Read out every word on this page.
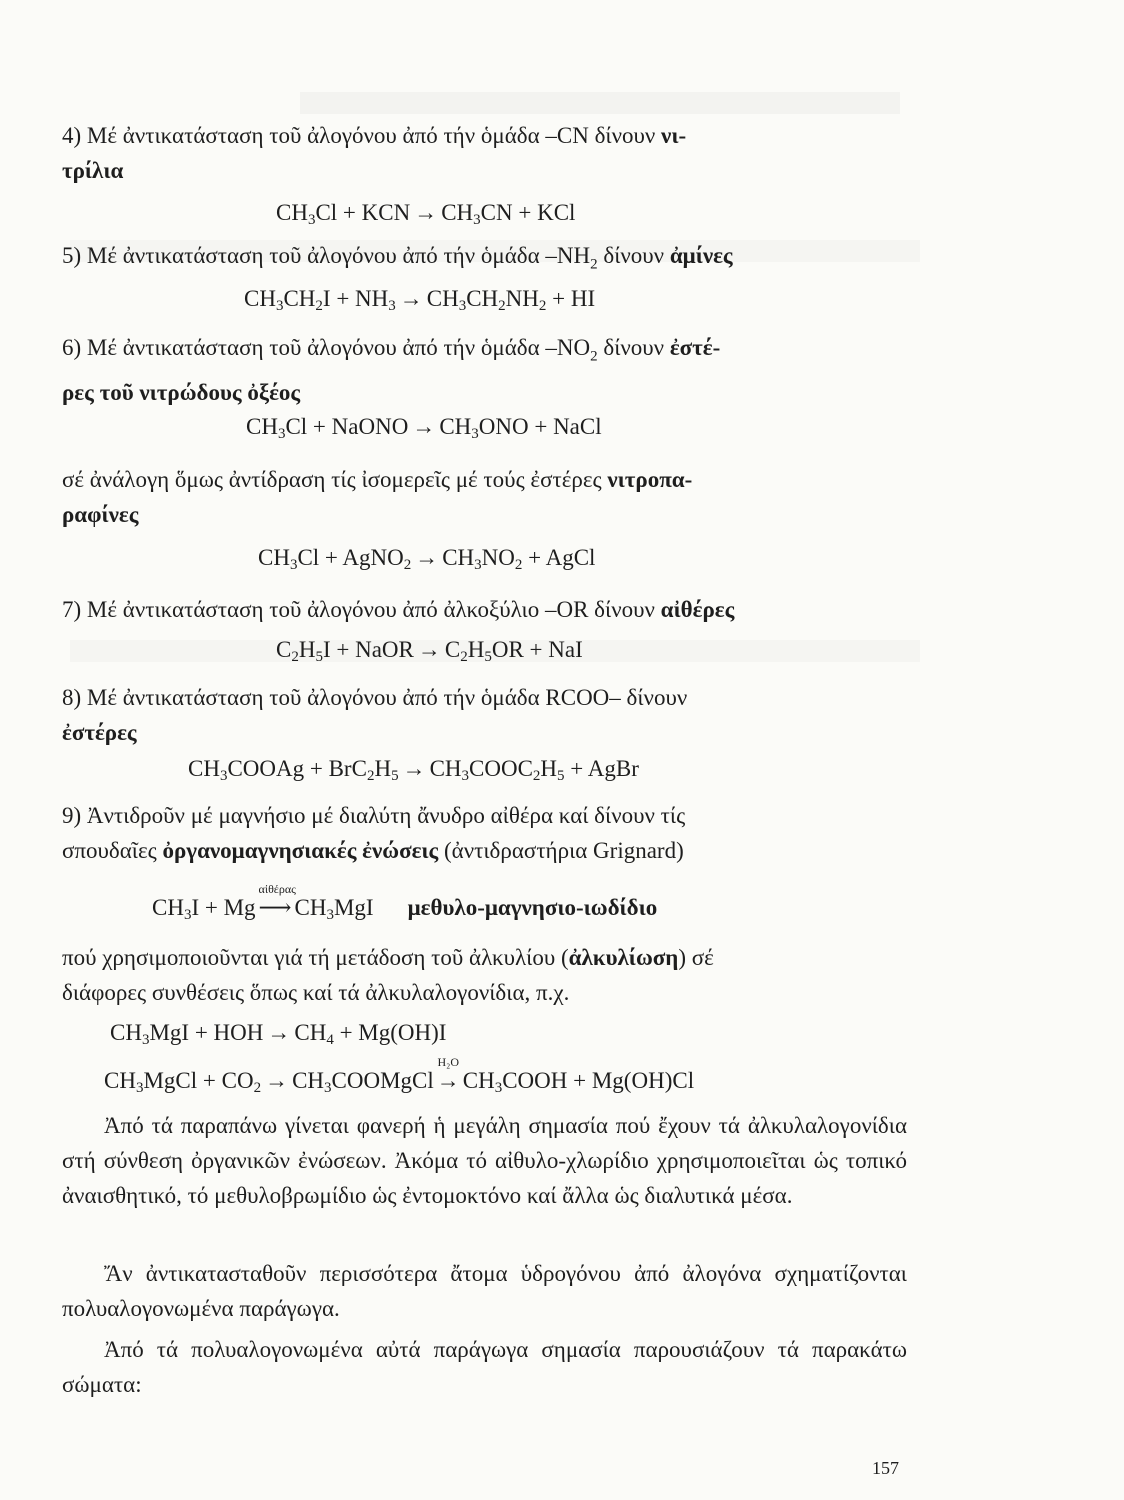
4) Μέ ἀντικατάσταση τοῦ ἀλογόνου ἀπό τήν ὁμάδα –CN δίνουν νι-
τρίλια

$CH_3Cl$ + KCN → $CH_3CN$ + KCl

5) Μέ ἀντικατάσταση τοῦ ἀλογόνου ἀπό τήν ὁμάδα $-NH_2$ δίνουν ἀμίνες

$CH_3CH_2I + NH_3 \to CH_3CH_2NH_2$ + HI

6) Μέ ἀντικατάσταση τοῦ ἀλογόνου ἀπό τήν ὁμάδα $-NO_2$ δίνουν ἐστέ-
ρες τοῦ νιτρώδους ὀξέος

$CH_3Cl$ + NaONO → $CH_3ONO$ + NaCl

σέ ἀνάλογη ὅμως ἀντίδραση τίς ἰσομερεῖς μέ τούς ἐστέρες νιτροπα-
ραφίνες

$CH_3Cl$ + AgNO$_2$ → $CH_3NO_2$ + AgCl

7) Μέ ἀντικατάσταση τοῦ ἀλογόνου ἀπό ἀλκοξύλιο –OR δίνουν αἰθέρες

$C_2H_5I$ + NaOR → $C_2H_5OR$ + NaI

8) Μέ ἀντικατάσταση τοῦ ἀλογόνου ἀπό τήν ὁμάδα RCOO– δίνουν
ἐστέρες

$CH_3COOAg + BrC_2H_5$ → $CH_3COOC_2H_5$ + AgBr

9) Ἀντιδροῦν μέ μαγνήσιο μέ διαλύτη ἄνυδρο αἰθέρα καί δίνουν τίς
σπουδαῖες ὀργανομαγνησιακές ἐνώσεις (ἀντιδραστήρια Grignard)

$CH_3I + Mg$
αἰθέρας
⟶ $CH_3MgI$ μεθυλο-μαγνησιο-ιωδίδιο

πού χρησιμοποιοῦνται γιά τή μετάδοση τοῦ ἀλκυλίου (ἀλκυλίωση) σέ
διάφορες συνθέσεις ὅπως καί τά ἀλκυλαλογονίδια, π.χ.

$CH_3MgI$ + HOH → $CH_4 + Mg(OH)I$
$CH_3MgCl + CO_2$ → $CH_3COOMgCl$
H₂O
→ $CH_3COOH + Mg(OH)Cl$

Ἀπό τά παραπάνω γίνεται φανερή ἡ μεγάλη σημασία πού ἔχουν τά ἀλκυλαλογονίδια στή σύνθεση ὀργανικῶν ἐνώσεων. Ἀκόμα τό αἰθυλο-χλωρίδιο χρησιμοποιεῖται ὡς τοπικό ἀναισθητικό, τό μεθυλοβρωμίδιο ὡς ἐντομοκτόνο καί ἄλλα ὡς διαλυτικά μέσα.

Ἄν ἀντικατασταθοῦν περισσότερα ἄτομα ὑδρογόνου ἀπό ἀλογόνα σχηματίζονται πολυαλογονωμένα παράγωγα.

Ἀπό τά πολυαλογονωμένα αὐτά παράγωγα σημασία παρουσιάζουν τά παρακάτω σώματα:

157
